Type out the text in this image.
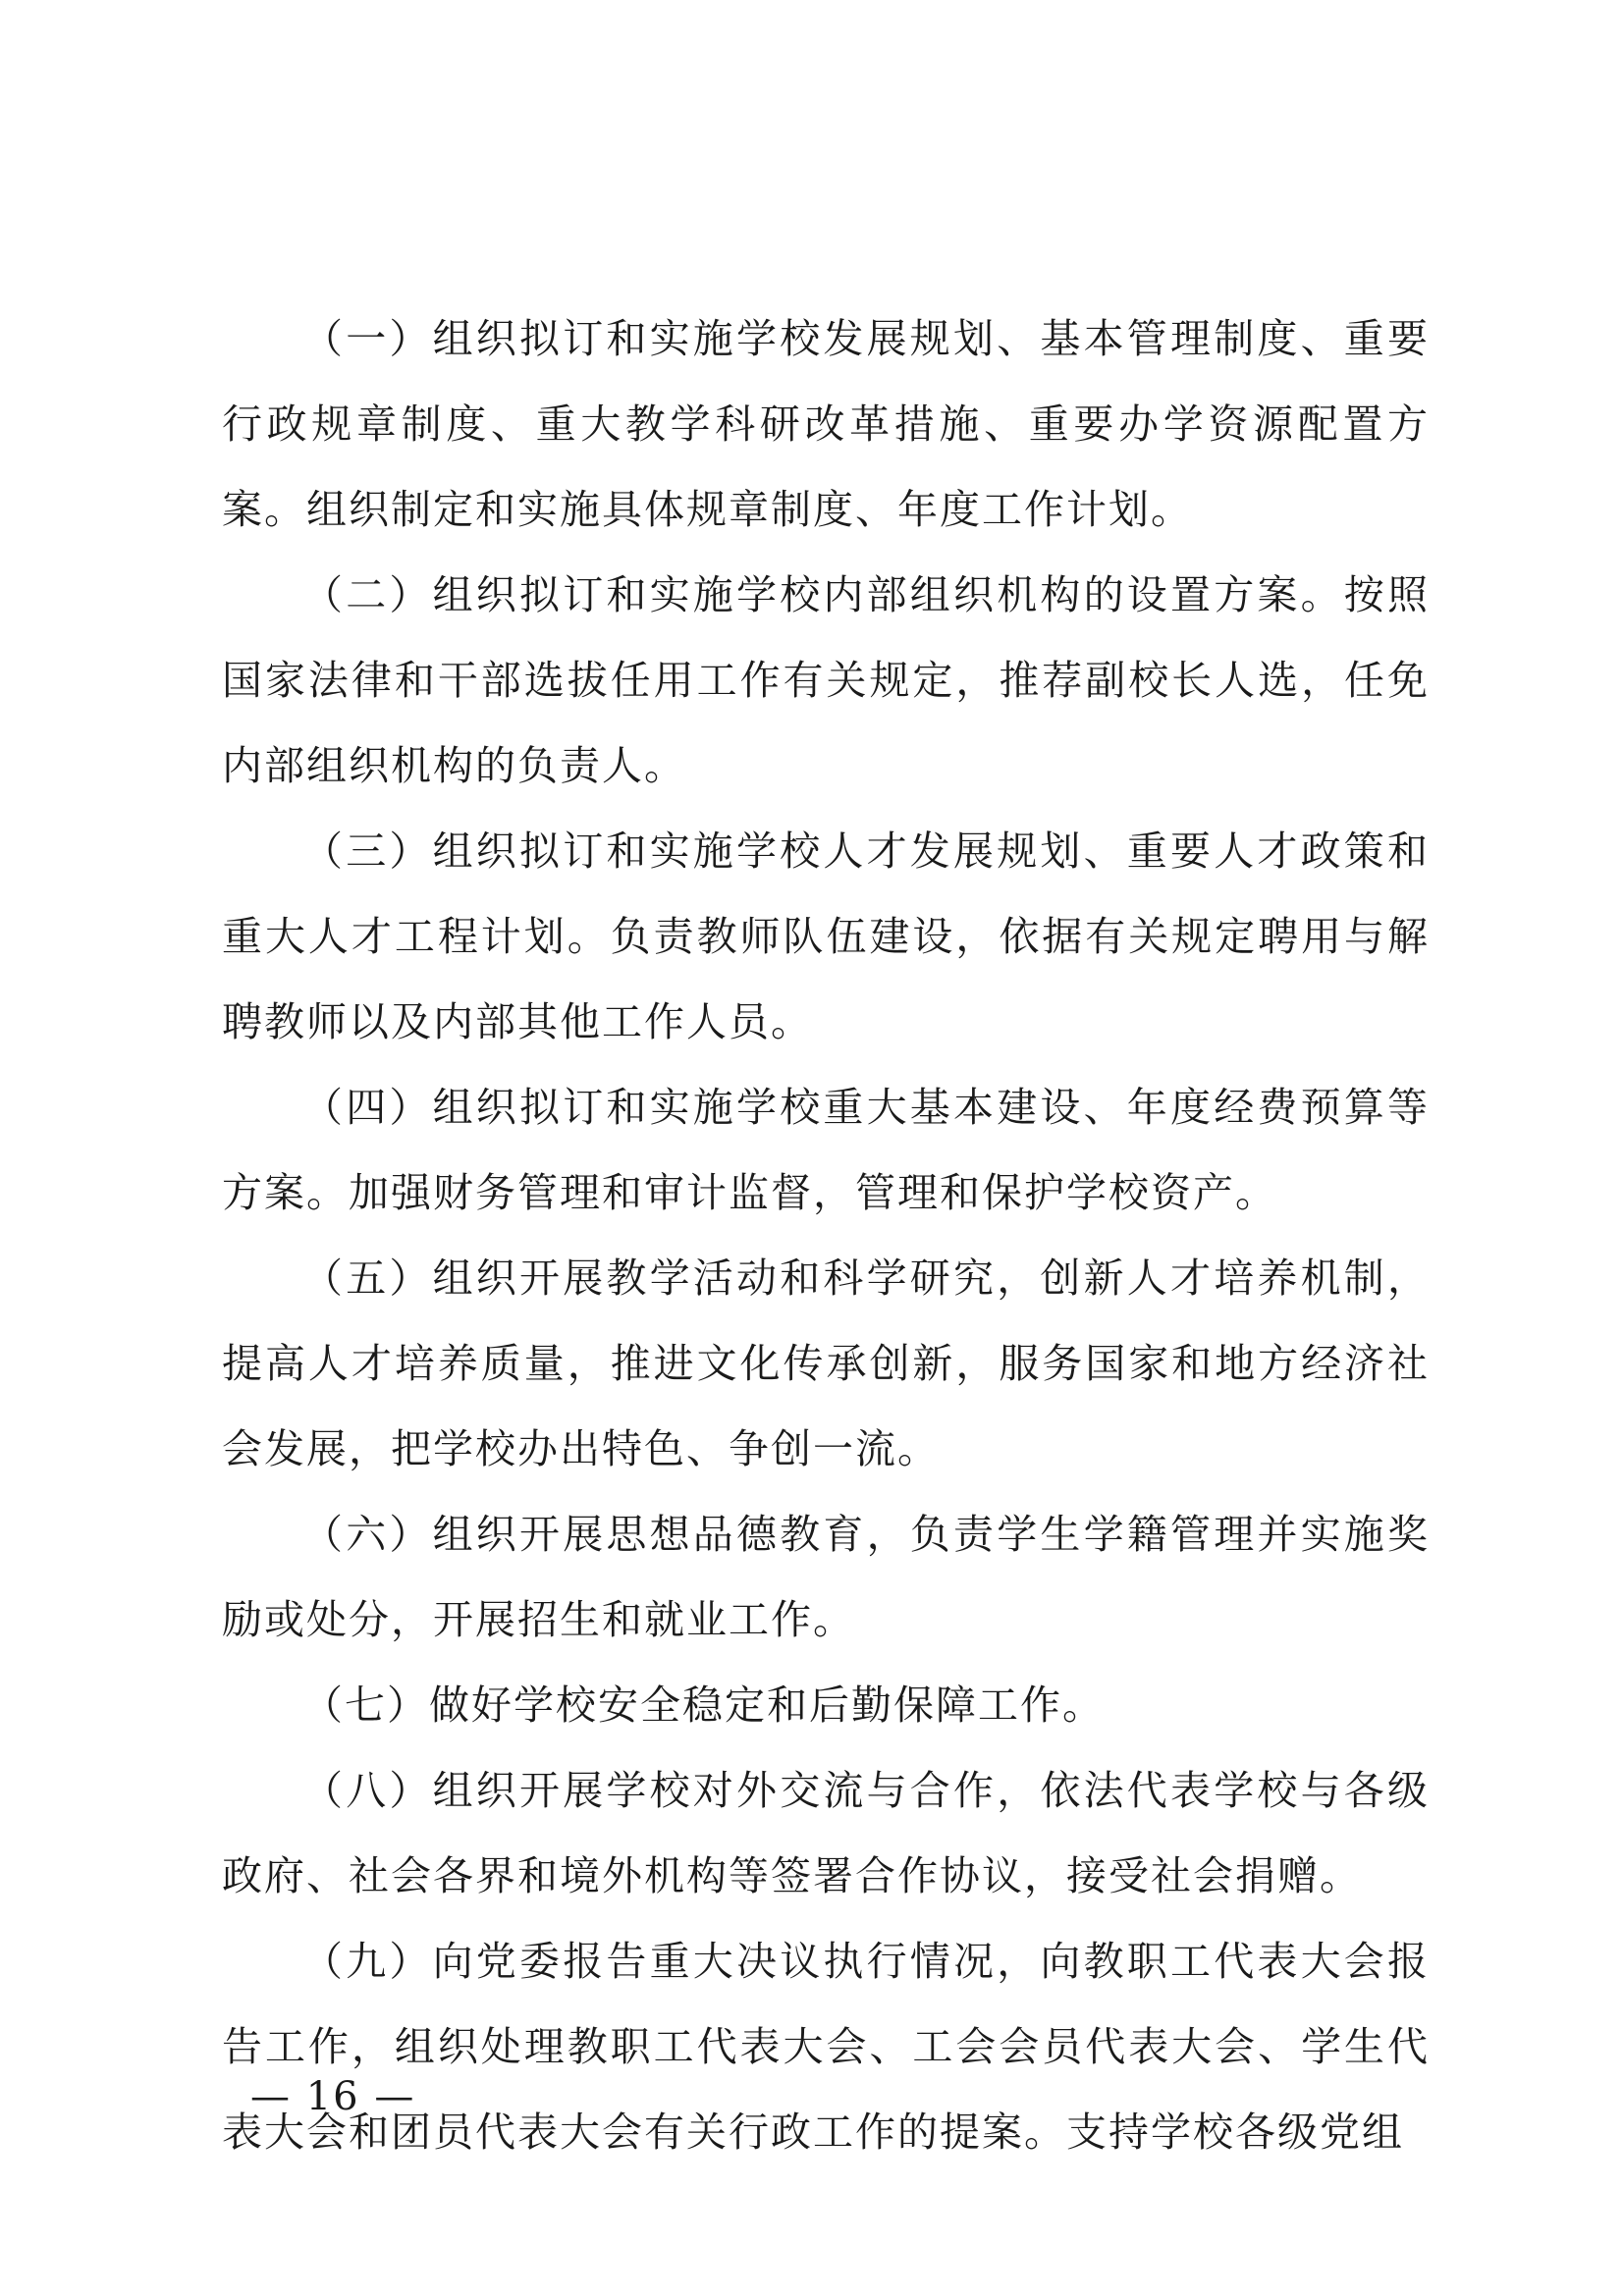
（一）组织拟订和实施学校发展规划、基本管理制度、重要行政规章制度、重大教学科研改革措施、重要办学资源配置方案。组织制定和实施具体规章制度、年度工作计划。

（二）组织拟订和实施学校内部组织机构的设置方案。按照国家法律和干部选拔任用工作有关规定，推荐副校长人选，任免内部组织机构的负责人。

（三）组织拟订和实施学校人才发展规划、重要人才政策和重大人才工程计划。负责教师队伍建设，依据有关规定聘用与解聘教师以及内部其他工作人员。

（四）组织拟订和实施学校重大基本建设、年度经费预算等方案。加强财务管理和审计监督，管理和保护学校资产。

（五）组织开展教学活动和科学研究，创新人才培养机制，提高人才培养质量，推进文化传承创新，服务国家和地方经济社会发展，把学校办出特色、争创一流。

（六）组织开展思想品德教育，负责学生学籍管理并实施奖励或处分，开展招生和就业工作。

（七）做好学校安全稳定和后勤保障工作。

（八）组织开展学校对外交流与合作，依法代表学校与各级政府、社会各界和境外机构等签署合作协议，接受社会捐赠。

（九）向党委报告重大决议执行情况，向教职工代表大会报告工作，组织处理教职工代表大会、工会会员代表大会、学生代表大会和团员代表大会有关行政工作的提案。支持学校各级党组

— 16 —
